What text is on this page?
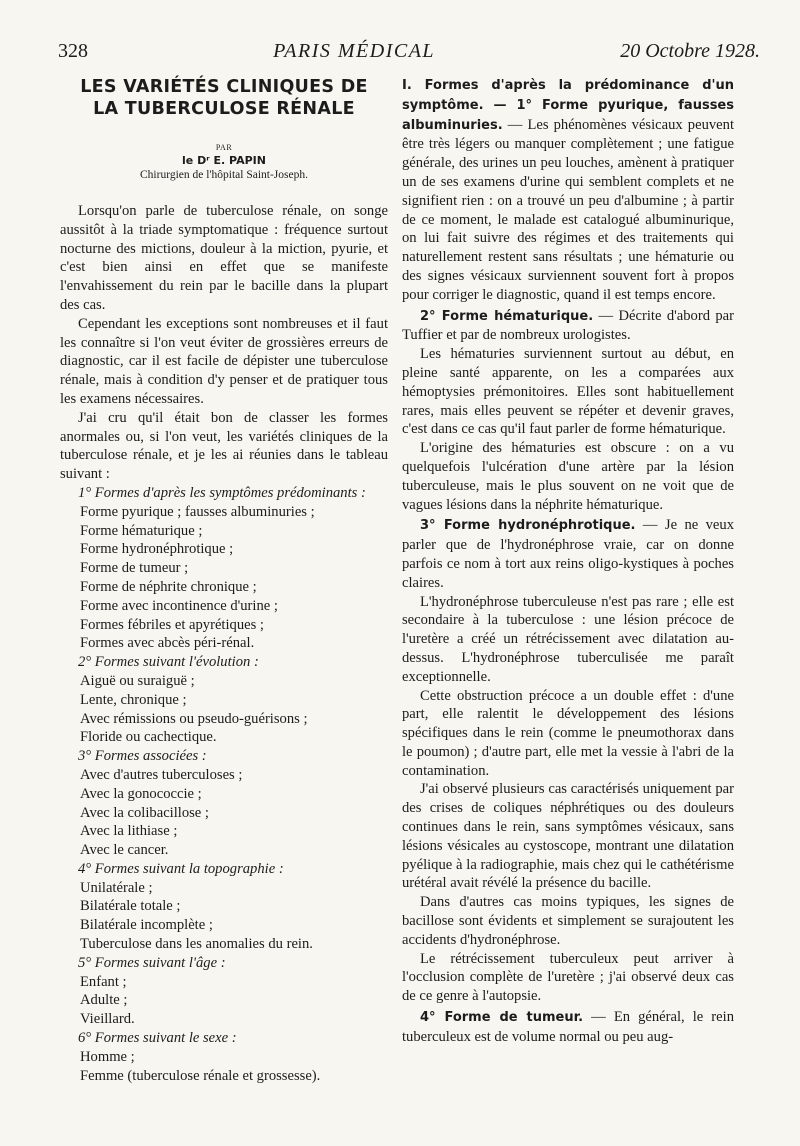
328	PARIS MÉDICAL	20 Octobre 1928.
LES VARIÉTÉS CLINIQUES DE
LA TUBERCULOSE RÉNALE
PAR
le Dʳ E. PAPIN
Chirurgien de l'hôpital Saint-Joseph.

Lorsqu'on parle de tuberculose rénale, on songe aussitôt à la triade symptomatique : fréquence surtout nocturne des mictions, douleur à la miction, pyurie, et c'est bien ainsi en effet que se manifeste l'envahissement du rein par le bacille dans la plupart des cas.

Cependant les exceptions sont nombreuses et il faut les connaître si l'on veut éviter de grossières erreurs de diagnostic, car il est facile de dépister une tuberculose rénale, mais à condition d'y penser et de pratiquer tous les examens nécessaires.

J'ai cru qu'il était bon de classer les formes anormales ou, si l'on veut, les variétés cliniques de la tuberculose rénale, et je les ai réunies dans le tableau suivant :

1° Formes d'après les symptômes prédominants :
Forme pyurique ; fausses albuminuries ;
Forme hématurique ;
Forme hydronéphrotique ;
Forme de tumeur ;
Forme de néphrite chronique ;
Forme avec incontinence d'urine ;
Formes fébriles et apyrétiques ;
Formes avec abcès péri-rénal.
2° Formes suivant l'évolution :
Aiguë ou suraiguë ;
Lente, chronique ;
Avec rémissions ou pseudo-guérisons ;
Floride ou cachectique.
3° Formes associées :
Avec d'autres tuberculoses ;
Avec la gonococcie ;
Avec la colibacillose ;
Avec la lithiase ;
Avec le cancer.
4° Formes suivant la topographie :
Unilatérale ;
Bilatérale totale ;
Bilatérale incomplète ;
Tuberculose dans les anomalies du rein.
5° Formes suivant l'âge :
Enfant ;
Adulte ;
Vieillard.
6° Formes suivant le sexe :
Homme ;
Femme (tuberculose rénale et grossesse).

I. Formes d'après la prédominance d'un symptôme. — 1° Forme pyurique, fausses albuminuries. — Les phénomènes vésicaux peuvent être très légers ou manquer complètement ; une fatigue générale, des urines un peu louches, amènent à pratiquer un de ses examens d'urine qui semblent complets et ne signifient rien : on a trouvé un peu d'albumine ; à partir de ce moment, le malade est catalogué albuminurique, on lui fait suivre des régimes et des traitements qui naturellement restent sans résultats ; une hématurie ou des signes vésicaux surviennent souvent fort à propos pour corriger le diagnostic, quand il est temps encore.

2° Forme hématurique. — Décrite d'abord par Tuffier et par de nombreux urologistes.

Les hématuries surviennent surtout au début, en pleine santé apparente, on les a comparées aux hémoptysies prémonitoires. Elles sont habituellement rares, mais elles peuvent se répéter et devenir graves, c'est dans ce cas qu'il faut parler de forme hématurique.

L'origine des hématuries est obscure : on a vu quelquefois l'ulcération d'une artère par la lésion tuberculeuse, mais le plus souvent on ne voit que de vagues lésions dans la néphrite hématurique.

3° Forme hydronéphrotique. — Je ne veux parler que de l'hydronéphrose vraie, car on donne parfois ce nom à tort aux reins oligo-kystiques à poches claires.

L'hydronéphrose tuberculeuse n'est pas rare ; elle est secondaire à la tuberculose : une lésion précoce de l'uretère a créé un rétrécissement avec dilatation au-dessus. L'hydronéphrose tuberculisée me paraît exceptionnelle.

Cette obstruction précoce a un double effet : d'une part, elle ralentit le développement des lésions spécifiques dans le rein (comme le pneumothorax dans le poumon) ; d'autre part, elle met la vessie à l'abri de la contamination.

J'ai observé plusieurs cas caractérisés uniquement par des crises de coliques néphrétiques ou des douleurs continues dans le rein, sans symptômes vésicaux, sans lésions vésicales au cystoscope, montrant une dilatation pyélique à la radiographie, mais chez qui le cathétérisme urétéral avait révélé la présence du bacille.

Dans d'autres cas moins typiques, les signes de bacillose sont évidents et simplement se surajoutent les accidents d'hydronéphrose.

Le rétrécissement tuberculeux peut arriver à l'occlusion complète de l'uretère ; j'ai observé deux cas de ce genre à l'autopsie.

4° Forme de tumeur. — En général, le rein tuberculeux est de volume normal ou peu aug-
